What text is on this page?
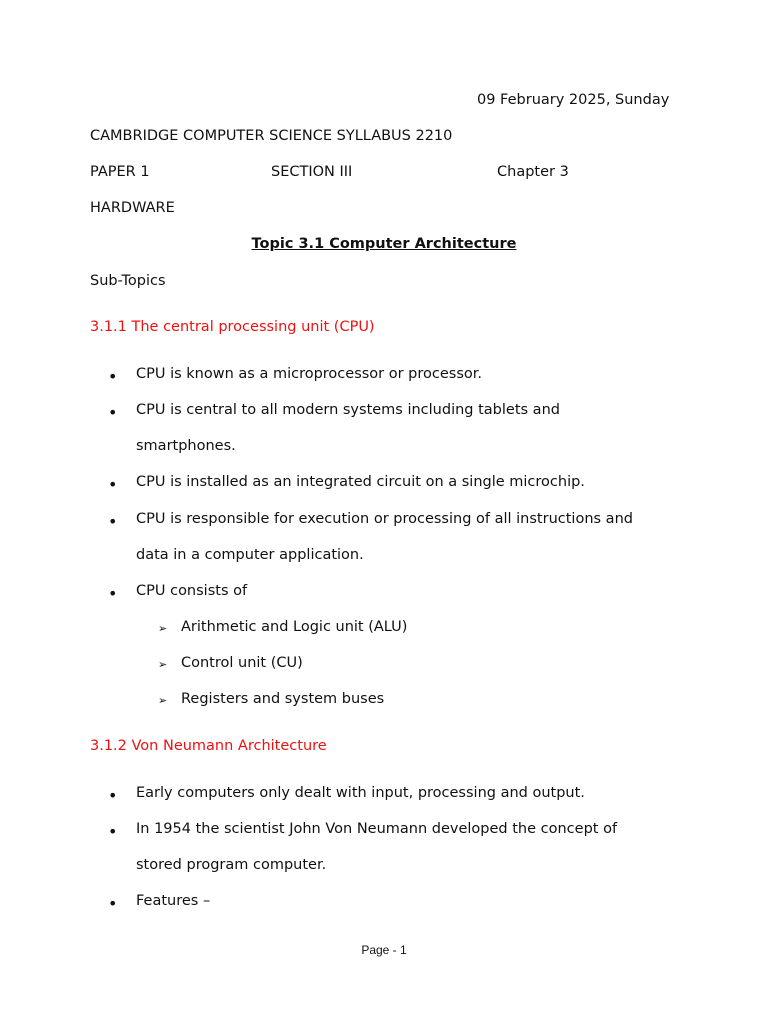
09 February 2025, Sunday
CAMBRIDGE COMPUTER SCIENCE SYLLABUS 2210
PAPER 1	SECTION III	Chapter 3
HARDWARE
Topic 3.1 Computer Architecture
Sub-Topics
3.1.1 The central processing unit (CPU)
• CPU is known as a microprocessor or processor.
• CPU is central to all modern systems including tablets and
smartphones.
• CPU is installed as an integrated circuit on a single microchip.
• CPU is responsible for execution or processing of all instructions and
data in a computer application.
• CPU consists of
➢ Arithmetic and Logic unit (ALU)
➢ Control unit (CU)
➢ Registers and system buses
3.1.2 Von Neumann Architecture
• Early computers only dealt with input, processing and output.
• In 1954 the scientist John Von Neumann developed the concept of
stored program computer.
• Features –
Page - 1
